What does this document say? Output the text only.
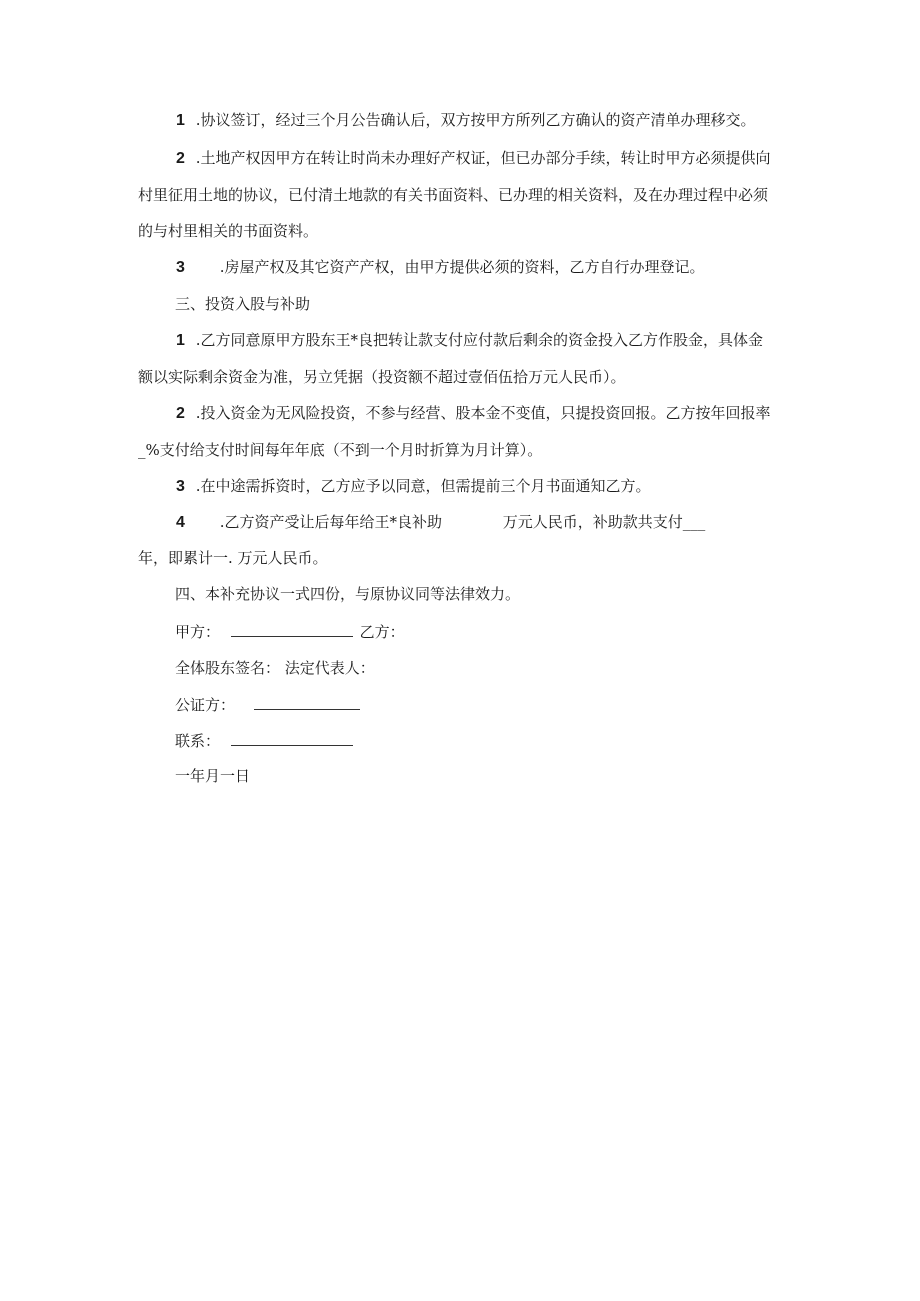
1 .协议签订，经过三个月公告确认后，双方按甲方所列乙方确认的资产清单办理移交。
2 .土地产权因甲方在转让时尚未办理好产权证，但已办部分手续，转让时甲方必须提供向
村里征用土地的协议，已付清土地款的有关书面资料、已办理的相关资料，及在办理过程中必须
的与村里相关的书面资料。
3 .房屋产权及其它资产产权，由甲方提供必须的资料，乙方自行办理登记。
三、投资入股与补助
1 .乙方同意原甲方股东王*良把转让款支付应付款后剩余的资金投入乙方作股金，具体金
额以实际剩余资金为准，另立凭据（投资额不超过壹佰伍拾万元人民币）。
2 .投入资金为无风险投资，不参与经营、股本金不变值，只提投资回报。乙方按年回报率
_%支付给支付时间每年年底（不到一个月时折算为月计算）。
3 .在中途需拆资时，乙方应予以同意，但需提前三个月书面通知乙方。
4 .乙方资产受让后每年给王*良补助	万元人民币，补助款共支付___
年，即累计一. 万元人民币。
四、本补充协议一式四份，与原协议同等法律效力。
甲方：	乙方：
全体股东签名： 法定代表人：
公证方：
联系：
一年月一日
